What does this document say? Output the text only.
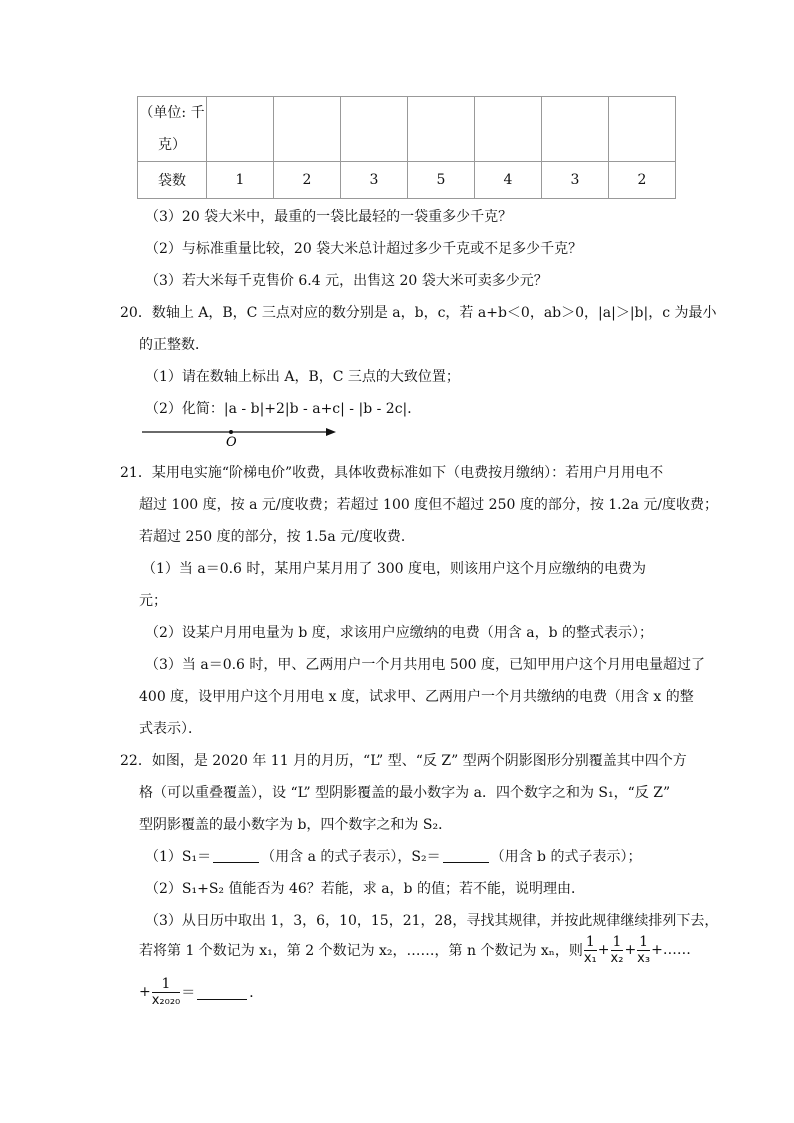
（单位: 千克）							
袋数	1	2	3	5	4	3	2
（3）20 袋大米中，最重的一袋比最轻的一袋重多少千克？
（2）与标准重量比较，20 袋大米总计超过多少千克或不足多少千克？
（3）若大米每千克售价 6.4 元，出售这 20 袋大米可卖多少元？
20．数轴上 A，B，C 三点对应的数分别是 a，b，c，若 a+b＜0，ab＞0，|a|＞|b|，c 为最小
的正整数．
（1）请在数轴上标出 A，B，C 三点的大致位置；
（2）化简：|a - b|+2|b - a+c| - |b - 2c|．
O
21．某用电实施“阶梯电价”收费，具体收费标准如下（电费按月缴纳）：若用户月用电不
超过 100 度，按 a 元/度收费；若超过 100 度但不超过 250 度的部分，按 1.2a 元/度收费；
若超过 250 度的部分，按 1.5a 元/度收费．
（1）当 a＝0.6 时，某用户某月用了 300 度电，则该用户这个月应缴纳的电费为
元；
（2）设某户月用电量为 b 度，求该用户应缴纳的电费（用含 a，b 的整式表示）；
（3）当 a＝0.6 时，甲、乙两用户一个月共用电 500 度，已知甲用户这个月用电量超过了
400 度，设甲用户这个月用电 x 度，试求甲、乙两用户一个月共缴纳的电费（用含 x 的整
式表示）．
22．如图，是 2020 年 11 月的月历，“L” 型、“反 Z” 型两个阴影图形分别覆盖其中四个方
格（可以重叠覆盖），设 “L” 型阴影覆盖的最小数字为 a．四个数字之和为 S₁，“反 Z”
型阴影覆盖的最小数字为 b，四个数字之和为 S₂．
（1）S₁＝	（用含 a 的式子表示），S₂＝	（用含 b 的式子表示）；
（2）S₁+S₂ 值能否为 46？若能，求 a，b 的值；若不能，说明理由．
（3）从日历中取出 1，3，6，10，15，21，28，寻找其规律，并按此规律继续排列下去，
若将第 1 个数记为 x₁，第 2 个数记为 x₂，……，第 n 个数记为 xₙ，则 $\frac{1}{\text{x₁}} + \frac{1}{\text{x₂}} + \frac{1}{\text{x₃}}$ +……
+ $\frac{1}{\text{x₂₀₂₀}}$ ＝	．
